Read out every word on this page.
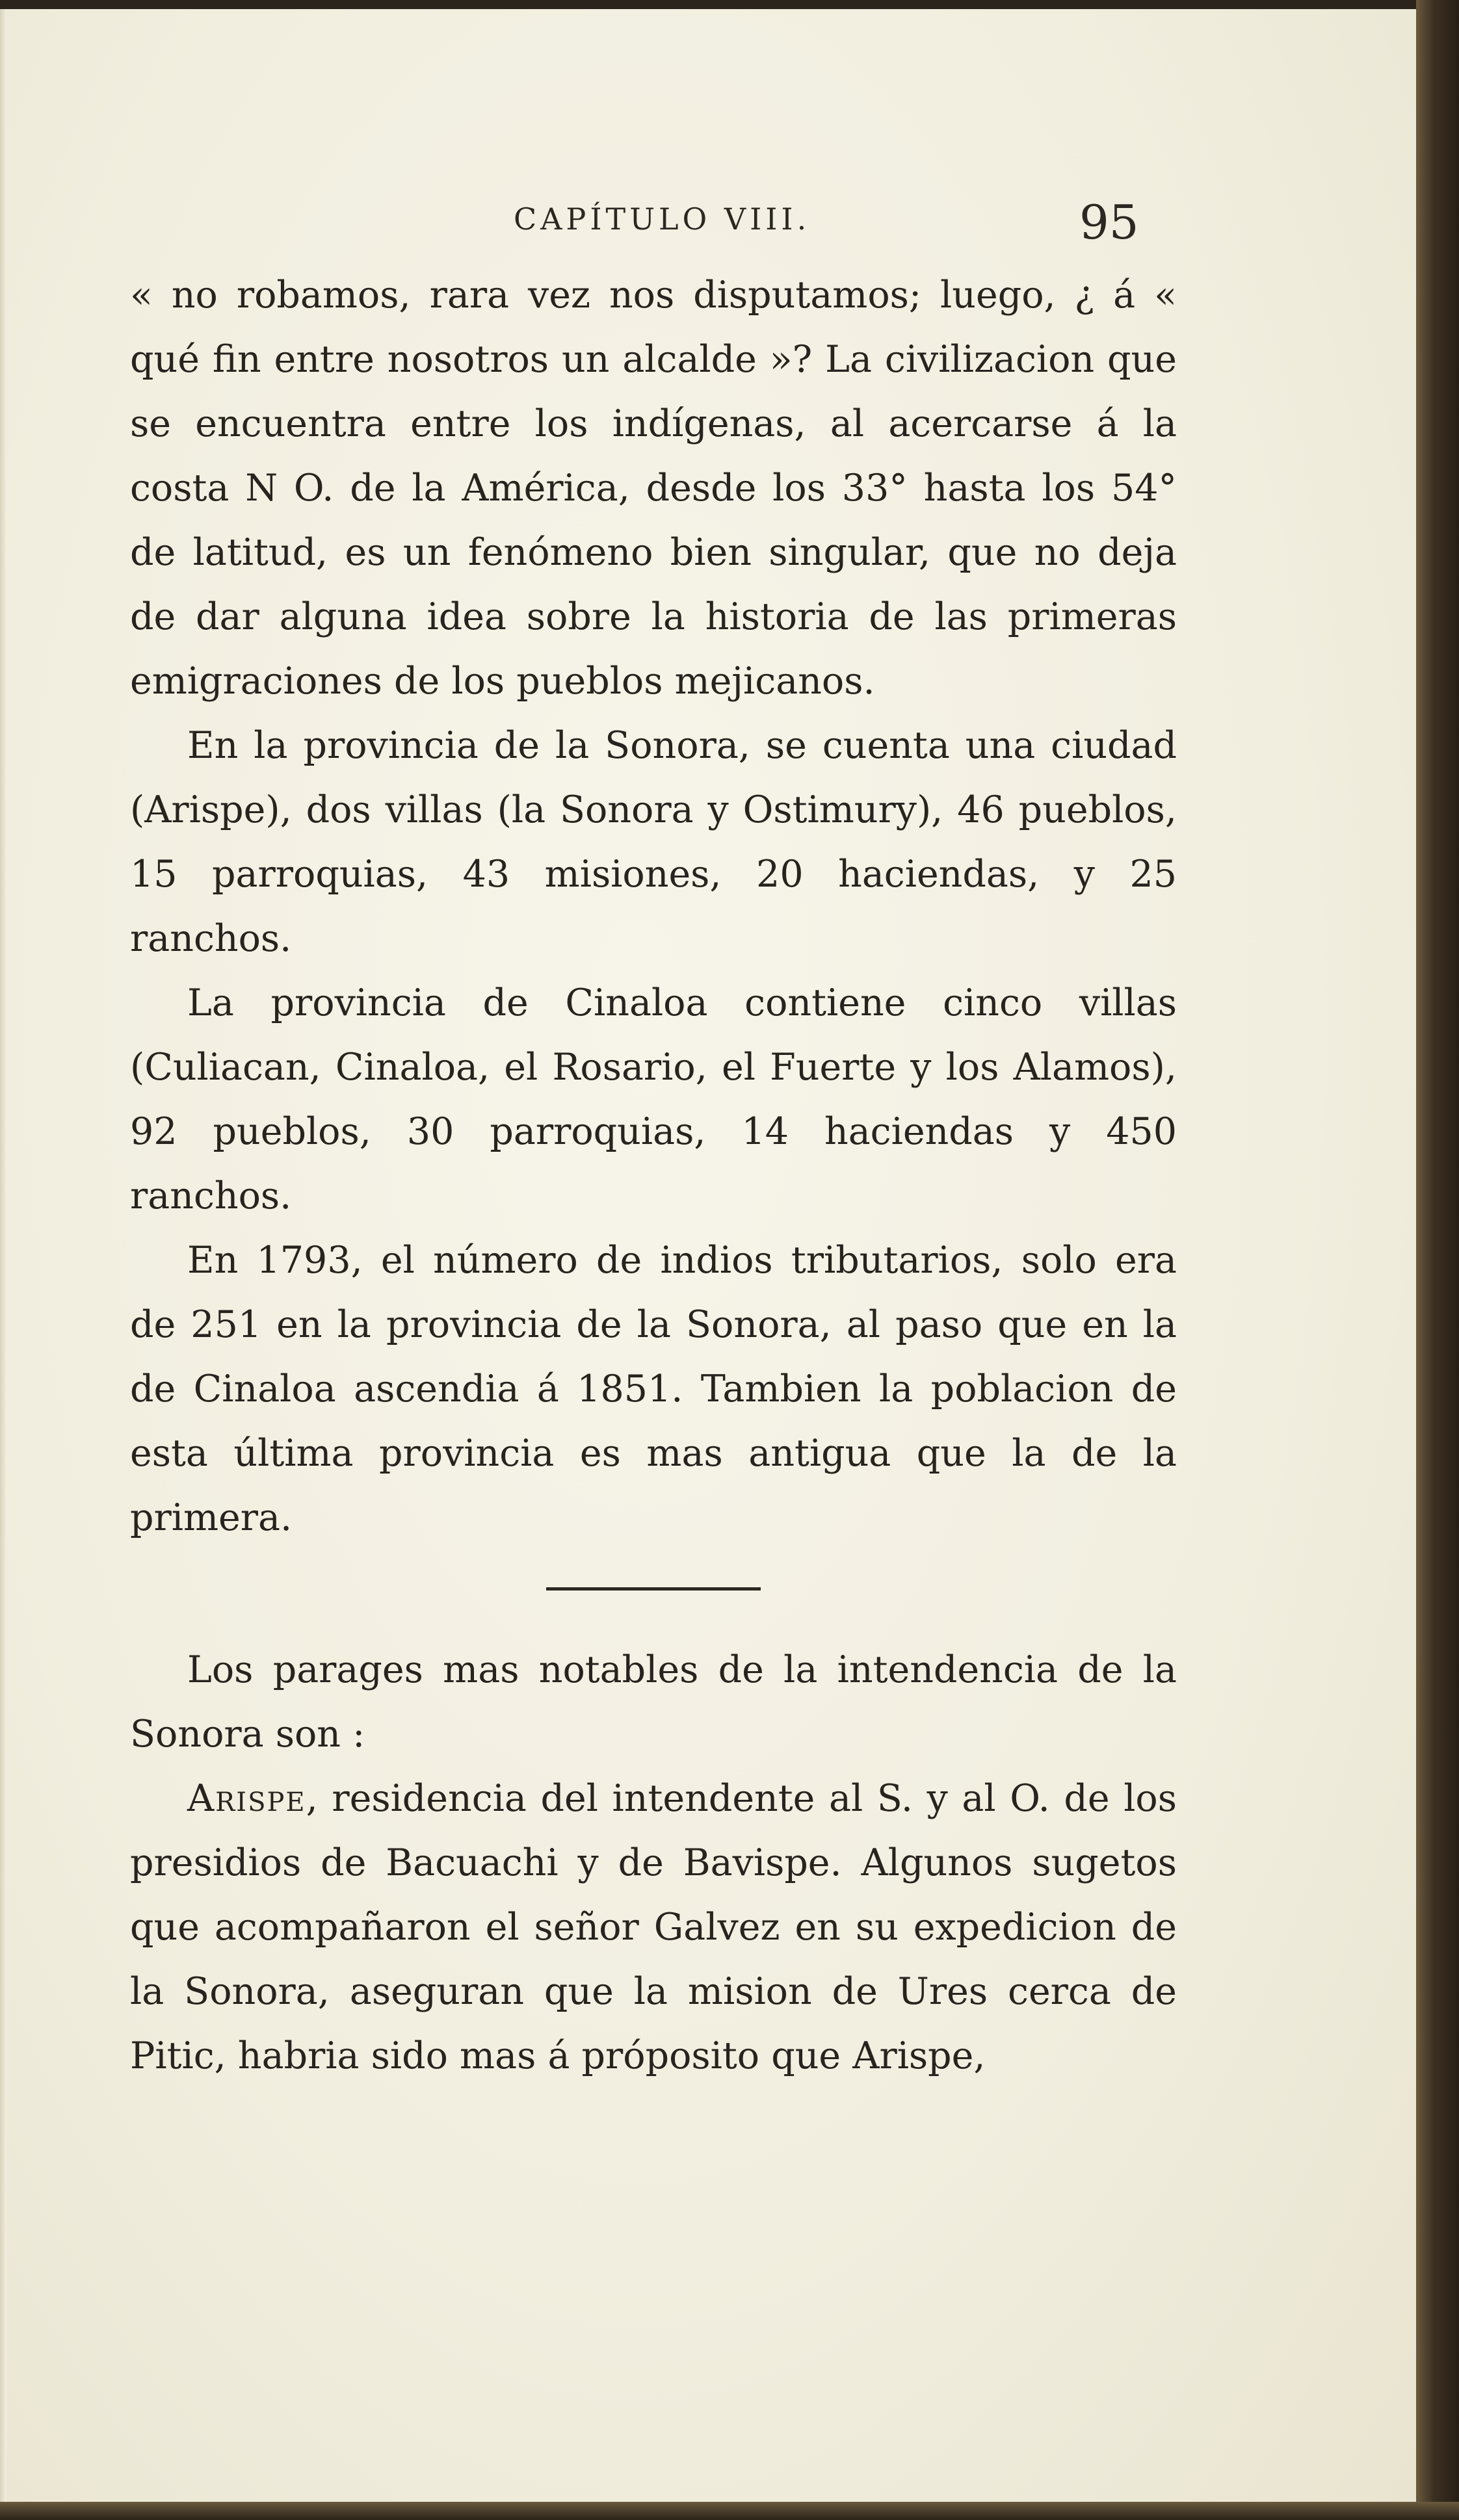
CAPÍTULO VIII.	95

« no robamos, rara vez nos disputamos; luego, ¿ á « qué fin entre nosotros un alcalde »? La civilizacion que se encuentra entre los indígenas, al acercarse á la costa N O. de la América, desde los 33° hasta los 54° de latitud, es un fenómeno bien singular, que no deja de dar alguna idea sobre la historia de las primeras emigraciones de los pueblos mejicanos.

En la provincia de la Sonora, se cuenta una ciudad (Arispe), dos villas (la Sonora y Ostimury), 46 pueblos, 15 parroquias, 43 misiones, 20 haciendas, y 25 ranchos.

La provincia de Cinaloa contiene cinco villas (Culiacan, Cinaloa, el Rosario, el Fuerte y los Alamos), 92 pueblos, 30 parroquias, 14 haciendas y 450 ranchos.

En 1793, el número de indios tributarios, solo era de 251 en la provincia de la Sonora, al paso que en la de Cinaloa ascendia á 1851. Tambien la poblacion de esta última provincia es mas antigua que la de la primera.

Los parages mas notables de la intendencia de la Sonora son :

Arispe, residencia del intendente al S. y al O. de los presidios de Bacuachi y de Bavispe. Algunos sugetos que acompañaron el señor Galvez en su expedicion de la Sonora, aseguran que la mision de Ures cerca de Pitic, habria sido mas á próposito que Arispe,
